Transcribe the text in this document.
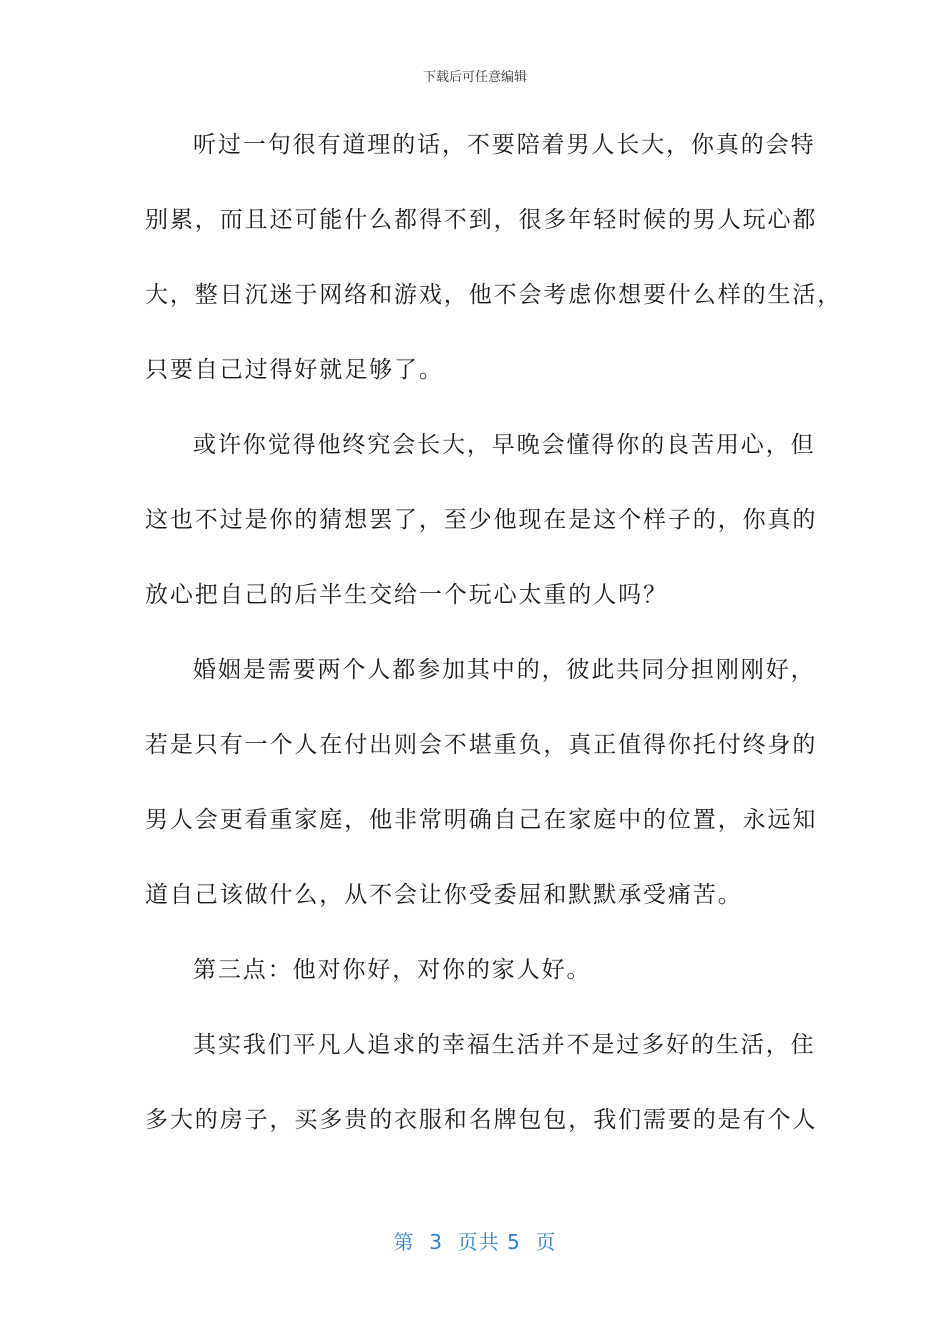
下载后可任意编辑
听过一句很有道理的话，不要陪着男人长大，你真的会特
别累，而且还可能什么都得不到，很多年轻时候的男人玩心都
大，整日沉迷于网络和游戏，他不会考虑你想要什么样的生活，
只要自己过得好就足够了。
或许你觉得他终究会长大，早晚会懂得你的良苦用心，但
这也不过是你的猜想罢了，至少他现在是这个样子的，你真的
放心把自己的后半生交给一个玩心太重的人吗？
婚姻是需要两个人都参加其中的，彼此共同分担刚刚好，
若是只有一个人在付出则会不堪重负，真正值得你托付终身的
男人会更看重家庭，他非常明确自己在家庭中的位置，永远知
道自己该做什么，从不会让你受委屈和默默承受痛苦。
第三点：他对你好，对你的家人好。
其实我们平凡人追求的幸福生活并不是过多好的生活，住
多大的房子，买多贵的衣服和名牌包包，我们需要的是有个人
第  3  页共 5  页
